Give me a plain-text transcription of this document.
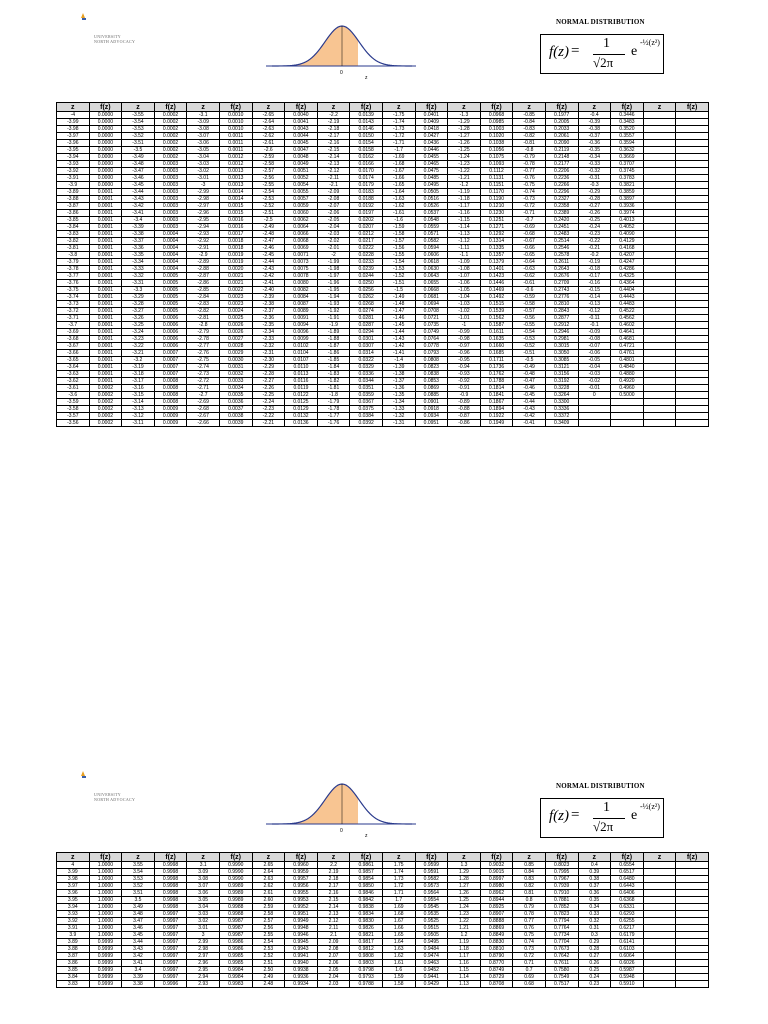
UNIVERSITY
NORTH ADVOCACY
0
z
NORMAL DISTRIBUTION
f(z) = 1
√2π
e
-½(z²)
z	f(z)	z	f(z)	z	f(z)	z	f(z)	z	f(z)	z	f(z)	z	f(z)	z	f(z)	z	f(z)	z	f(z)
-4	0.0000	-3.55	0.0002	-3.1	0.0010	-2.65	0.0040	-2.2	0.0139	-1.75	0.0401	-1.3	0.0968	-0.85	0.1977	-0.4	0.3446		
-3.99	0.0000	-3.54	0.0002	-3.09	0.0010	-2.64	0.0041	-2.19	0.0143	-1.74	0.0409	-1.29	0.0985	-0.84	0.2005	-0.39	0.3483		
-3.98	0.0000	-3.53	0.0002	-3.08	0.0010	-2.63	0.0043	-2.18	0.0146	-1.73	0.0418	-1.28	0.1003	-0.83	0.2033	-0.38	0.3520		
-3.97	0.0000	-3.52	0.0002	-3.07	0.0011	-2.62	0.0044	-2.17	0.0150	-1.72	0.0427	-1.27	0.1020	-0.82	0.2061	-0.37	0.3557		
-3.96	0.0000	-3.51	0.0002	-3.06	0.0011	-2.61	0.0045	-2.16	0.0154	-1.71	0.0436	-1.26	0.1038	-0.81	0.2090	-0.36	0.3594		
-3.95	0.0000	-3.5	0.0002	-3.05	0.0011	-2.6	0.0047	-2.15	0.0158	-1.7	0.0446	-1.25	0.1056	-0.8	0.2119	-0.35	0.3632		
-3.94	0.0000	-3.49	0.0002	-3.04	0.0012	-2.59	0.0048	-2.14	0.0162	-1.69	0.0455	-1.24	0.1075	-0.79	0.2148	-0.34	0.3669		
-3.93	0.0000	-3.48	0.0003	-3.03	0.0012	-2.58	0.0049	-2.13	0.0166	-1.68	0.0465	-1.23	0.1093	-0.78	0.2177	-0.33	0.3707		
-3.92	0.0000	-3.47	0.0003	-3.02	0.0013	-2.57	0.0051	-2.12	0.0170	-1.67	0.0475	-1.22	0.1112	-0.77	0.2206	-0.32	0.3745		
-3.91	0.0000	-3.46	0.0003	-3.01	0.0013	-2.56	0.0052	-2.11	0.0174	-1.66	0.0485	-1.21	0.1131	-0.76	0.2236	-0.31	0.3783		
-3.9	0.0000	-3.45	0.0003	-3	0.0013	-2.55	0.0054	-2.1	0.0179	-1.65	0.0495	-1.2	0.1151	-0.75	0.2266	-0.3	0.3821		
-3.89	0.0001	-3.44	0.0003	-2.99	0.0014	-2.54	0.0055	-2.09	0.0183	-1.64	0.0505	-1.19	0.1170	-0.74	0.2296	-0.29	0.3859		
-3.88	0.0001	-3.43	0.0003	-2.98	0.0014	-2.53	0.0057	-2.08	0.0188	-1.63	0.0516	-1.18	0.1190	-0.73	0.2327	-0.28	0.3897		
-3.87	0.0001	-3.42	0.0003	-2.97	0.0015	-2.52	0.0059	-2.07	0.0192	-1.62	0.0526	-1.17	0.1210	-0.72	0.2358	-0.27	0.3936		
-3.86	0.0001	-3.41	0.0003	-2.96	0.0015	-2.51	0.0060	-2.06	0.0197	-1.61	0.0537	-1.16	0.1230	-0.71	0.2389	-0.26	0.3974		
-3.85	0.0001	-3.4	0.0003	-2.95	0.0016	-2.5	0.0062	-2.05	0.0202	-1.6	0.0548	-1.15	0.1251	-0.7	0.2420	-0.25	0.4013		
-3.84	0.0001	-3.39	0.0003	-2.94	0.0016	-2.49	0.0064	-2.04	0.0207	-1.59	0.0559	-1.14	0.1271	-0.69	0.2451	-0.24	0.4052		
-3.83	0.0001	-3.38	0.0004	-2.93	0.0017	-2.48	0.0066	-2.03	0.0212	-1.58	0.0571	-1.13	0.1292	-0.68	0.2483	-0.23	0.4090		
-3.82	0.0001	-3.37	0.0004	-2.92	0.0018	-2.47	0.0068	-2.02	0.0217	-1.57	0.0582	-1.12	0.1314	-0.67	0.2514	-0.22	0.4129		
-3.81	0.0001	-3.36	0.0004	-2.91	0.0018	-2.46	0.0069	-2.01	0.0222	-1.56	0.0594	-1.11	0.1335	-0.66	0.2546	-0.21	0.4168		
-3.8	0.0001	-3.35	0.0004	-2.9	0.0019	-2.45	0.0071	-2	0.0228	-1.55	0.0606	-1.1	0.1357	-0.65	0.2578	-0.2	0.4207		
-3.79	0.0001	-3.34	0.0004	-2.89	0.0019	-2.44	0.0073	-1.99	0.0233	-1.54	0.0618	-1.09	0.1379	-0.64	0.2611	-0.19	0.4247		
-3.78	0.0001	-3.33	0.0004	-2.88	0.0020	-2.43	0.0075	-1.98	0.0239	-1.53	0.0630	-1.08	0.1401	-0.63	0.2643	-0.18	0.4286		
-3.77	0.0001	-3.32	0.0005	-2.87	0.0021	-2.42	0.0078	-1.97	0.0244	-1.52	0.0643	-1.07	0.1423	-0.62	0.2676	-0.17	0.4325		
-3.76	0.0001	-3.31	0.0005	-2.86	0.0021	-2.41	0.0080	-1.96	0.0250	-1.51	0.0655	-1.06	0.1446	-0.61	0.2709	-0.16	0.4364		
-3.75	0.0001	-3.3	0.0005	-2.85	0.0022	-2.40	0.0082	-1.95	0.0256	-1.5	0.0668	-1.05	0.1469	-0.6	0.2743	-0.15	0.4404		
-3.74	0.0001	-3.29	0.0005	-2.84	0.0023	-2.39	0.0084	-1.94	0.0262	-1.49	0.0681	-1.04	0.1492	-0.59	0.2776	-0.14	0.4443		
-3.73	0.0001	-3.28	0.0005	-2.83	0.0023	-2.38	0.0087	-1.93	0.0268	-1.48	0.0694	-1.03	0.1515	-0.58	0.2810	-0.13	0.4483		
-3.72	0.0001	-3.27	0.0005	-2.82	0.0024	-2.37	0.0089	-1.92	0.0274	-1.47	0.0708	-1.02	0.1539	-0.57	0.2843	-0.12	0.4522		
-3.71	0.0001	-3.26	0.0006	-2.81	0.0025	-2.36	0.0091	-1.91	0.0281	-1.46	0.0721	-1.01	0.1562	-0.56	0.2877	-0.11	0.4562		
-3.7	0.0001	-3.25	0.0006	-2.8	0.0026	-2.35	0.0094	-1.9	0.0287	-1.45	0.0735	-1	0.1587	-0.55	0.2912	-0.1	0.4602		
-3.69	0.0001	-3.24	0.0006	-2.79	0.0026	-2.34	0.0096	-1.89	0.0294	-1.44	0.0749	-0.99	0.1611	-0.54	0.2946	-0.09	0.4641		
-3.68	0.0001	-3.23	0.0006	-2.78	0.0027	-2.33	0.0099	-1.88	0.0301	-1.43	0.0764	-0.98	0.1635	-0.53	0.2981	-0.08	0.4681		
-3.67	0.0001	-3.22	0.0006	-2.77	0.0028	-2.32	0.0102	-1.87	0.0307	-1.42	0.0778	-0.97	0.1660	-0.52	0.3015	-0.07	0.4721		
-3.66	0.0001	-3.21	0.0007	-2.76	0.0029	-2.31	0.0104	-1.86	0.0314	-1.41	0.0793	-0.96	0.1685	-0.51	0.3050	-0.06	0.4761		
-3.65	0.0001	-3.2	0.0007	-2.75	0.0030	-2.30	0.0107	-1.85	0.0322	-1.4	0.0808	-0.95	0.1711	-0.5	0.3085	-0.05	0.4801		
-3.64	0.0001	-3.19	0.0007	-2.74	0.0031	-2.29	0.0110	-1.84	0.0329	-1.39	0.0823	-0.94	0.1736	-0.49	0.3121	-0.04	0.4840		
-3.63	0.0001	-3.18	0.0007	-2.73	0.0032	-2.28	0.0113	-1.83	0.0336	-1.38	0.0838	-0.93	0.1762	-0.48	0.3156	-0.03	0.4880		
-3.62	0.0001	-3.17	0.0008	-2.72	0.0033	-2.27	0.0116	-1.82	0.0344	-1.37	0.0853	-0.92	0.1788	-0.47	0.3192	-0.02	0.4920		
-3.61	0.0002	-3.16	0.0008	-2.71	0.0034	-2.26	0.0119	-1.81	0.0351	-1.36	0.0869	-0.91	0.1814	-0.46	0.3228	-0.01	0.4960		
-3.6	0.0002	-3.15	0.0008	-2.7	0.0035	-2.25	0.0122	-1.8	0.0359	-1.35	0.0885	-0.9	0.1841	-0.45	0.3264	0	0.5000		
-3.59	0.0002	-3.14	0.0008	-2.69	0.0036	-2.24	0.0125	-1.79	0.0367	-1.34	0.0901	-0.89	0.1867	-0.44	0.3300				
-3.58	0.0002	-3.13	0.0009	-2.68	0.0037	-2.23	0.0129	-1.78	0.0375	-1.33	0.0918	-0.88	0.1894	-0.43	0.3336				
-3.57	0.0002	-3.12	0.0009	-2.67	0.0038	-2.22	0.0132	-1.77	0.0384	-1.32	0.0934	-0.87	0.1922	-0.42	0.3372				
-3.56	0.0002	-3.11	0.0009	-2.66	0.0039	-2.21	0.0136	-1.76	0.0392	-1.31	0.0951	-0.86	0.1949	-0.41	0.3409				
UNIVERSITY
NORTH ADVOCACY
0
z
NORMAL DISTRIBUTION
f(z) = 1
√2π
e
-½(z²)
z	f(z)	z	f(z)	z	f(z)	z	f(z)	z	f(z)	z	f(z)	z	f(z)	z	f(z)	z	f(z)	z	f(z)
4	1.0000	3.55	0.9998	3.1	0.9990	2.65	0.9960	2.2	0.9861	1.75	0.9599	1.3	0.9032	0.85	0.8023	0.4	0.6554		
3.99	1.0000	3.54	0.9998	3.09	0.9990	2.64	0.9959	2.19	0.9857	1.74	0.9591	1.29	0.9015	0.84	0.7995	0.39	0.6517		
3.98	1.0000	3.53	0.9998	3.08	0.9990	2.63	0.9957	2.18	0.9854	1.73	0.9582	1.28	0.8997	0.83	0.7967	0.38	0.6480		
3.97	1.0000	3.52	0.9998	3.07	0.9989	2.62	0.9956	2.17	0.9850	1.72	0.9573	1.27	0.8980	0.82	0.7939	0.37	0.6443		
3.96	1.0000	3.51	0.9998	3.06	0.9989	2.61	0.9955	2.16	0.9846	1.71	0.9564	1.26	0.8962	0.81	0.7910	0.36	0.6406		
3.95	1.0000	3.5	0.9998	3.05	0.9989	2.60	0.9953	2.15	0.9842	1.7	0.9554	1.25	0.8944	0.8	0.7881	0.35	0.6368		
3.94	1.0000	3.49	0.9998	3.04	0.9988	2.59	0.9952	2.14	0.9838	1.69	0.9545	1.24	0.8925	0.79	0.7852	0.34	0.6331		
3.93	1.0000	3.48	0.9997	3.03	0.9988	2.58	0.9951	2.13	0.9834	1.68	0.9535	1.23	0.8907	0.78	0.7823	0.33	0.6293		
3.92	1.0000	3.47	0.9997	3.02	0.9987	2.57	0.9949	2.12	0.9830	1.67	0.9525	1.22	0.8888	0.77	0.7794	0.32	0.6255		
3.91	1.0000	3.46	0.9997	3.01	0.9987	2.56	0.9948	2.11	0.9826	1.66	0.9515	1.21	0.8869	0.76	0.7764	0.31	0.6217		
3.9	1.0000	3.45	0.9997	3	0.9987	2.55	0.9946	2.1	0.9821	1.65	0.9505	1.2	0.8849	0.75	0.7734	0.3	0.6179		
3.89	0.9999	3.44	0.9997	2.99	0.9986	2.54	0.9945	2.09	0.9817	1.64	0.9495	1.19	0.8830	0.74	0.7704	0.29	0.6141		
3.88	0.9999	3.43	0.9997	2.98	0.9986	2.53	0.9943	2.08	0.9812	1.63	0.9484	1.18	0.8810	0.73	0.7673	0.28	0.6103		
3.87	0.9999	3.42	0.9997	2.97	0.9985	2.52	0.9941	2.07	0.9808	1.62	0.9474	1.17	0.8790	0.72	0.7642	0.27	0.6064		
3.86	0.9999	3.41	0.9997	2.96	0.9985	2.51	0.9940	2.06	0.9803	1.61	0.9463	1.16	0.8770	0.71	0.7611	0.26	0.6026		
3.85	0.9999	3.4	0.9997	2.95	0.9984	2.50	0.9938	2.05	0.9798	1.6	0.9452	1.15	0.8749	0.7	0.7580	0.25	0.5987		
3.84	0.9999	3.39	0.9997	2.94	0.9984	2.49	0.9936	2.04	0.9793	1.59	0.9441	1.14	0.8729	0.69	0.7549	0.24	0.5948		
3.83	0.9999	3.38	0.9996	2.93	0.9983	2.48	0.9934	2.03	0.9788	1.58	0.9429	1.13	0.8708	0.68	0.7517	0.23	0.5910		
